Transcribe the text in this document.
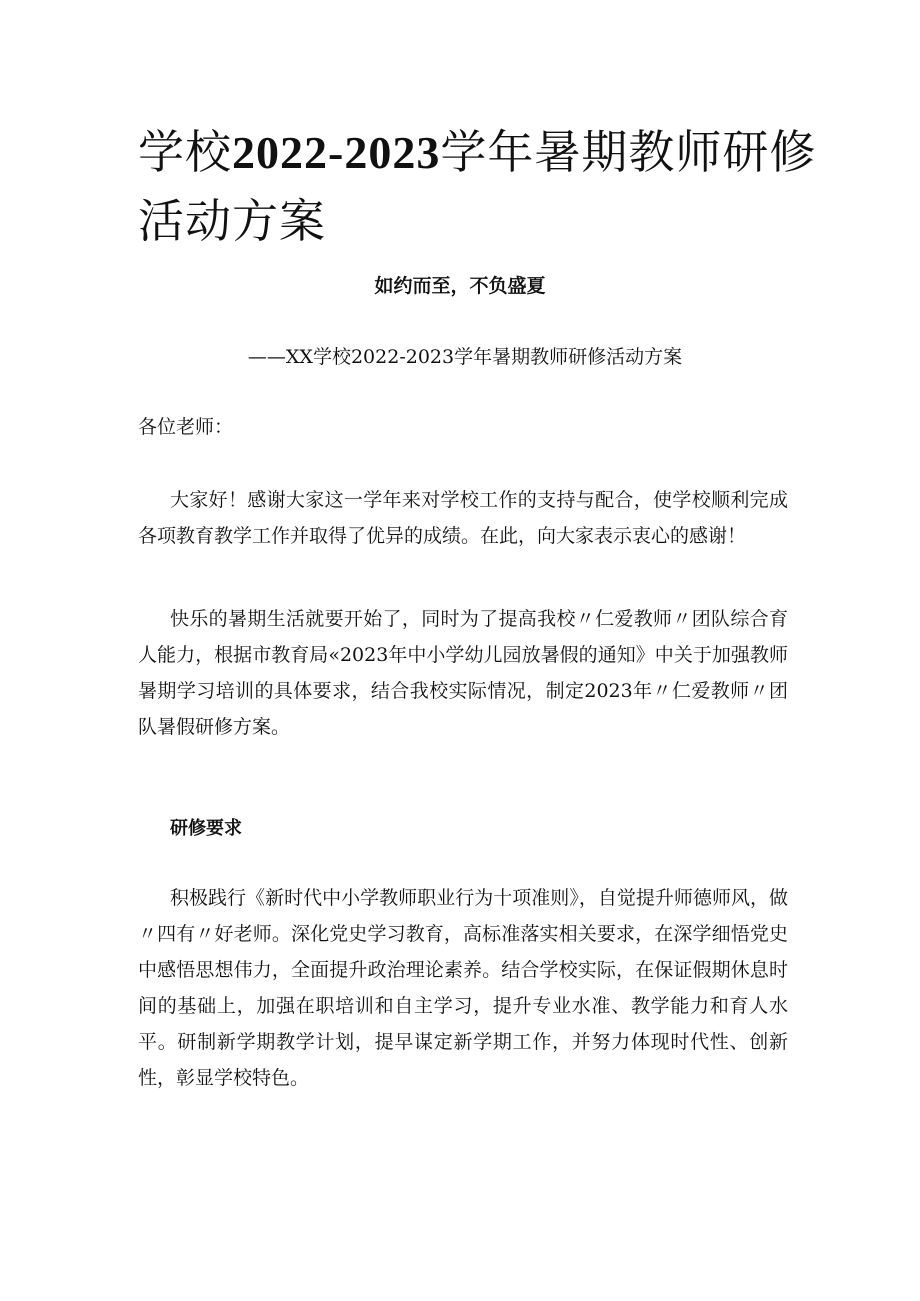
学校2022-2023学年暑期教师研修活动方案
如约而至，不负盛夏
——XX学校2022-2023学年暑期教师研修活动方案
各位老师：

大家好！感谢大家这一学年来对学校工作的支持与配合，使学校顺利完成各项教育教学工作并取得了优异的成绩。在此，向大家表示衷心的感谢！

快乐的暑期生活就要开始了，同时为了提高我校〃仁爱教师〃团队综合育人能力，根据市教育局«2023年中小学幼儿园放暑假的通知》中关于加强教师暑期学习培训的具体要求，结合我校实际情况，制定2023年〃仁爱教师〃团队暑假研修方案。

研修要求

积极践行《新时代中小学教师职业行为十项准则》，自觉提升师德师风，做〃四有〃好老师。深化党史学习教育，高标准落实相关要求，在深学细悟党史中感悟思想伟力，全面提升政治理论素养。结合学校实际，在保证假期休息时间的基础上，加强在职培训和自主学习，提升专业水准、教学能力和育人水平。研制新学期教学计划，提早谋定新学期工作，并努力体现时代性、创新性，彰显学校特色。
